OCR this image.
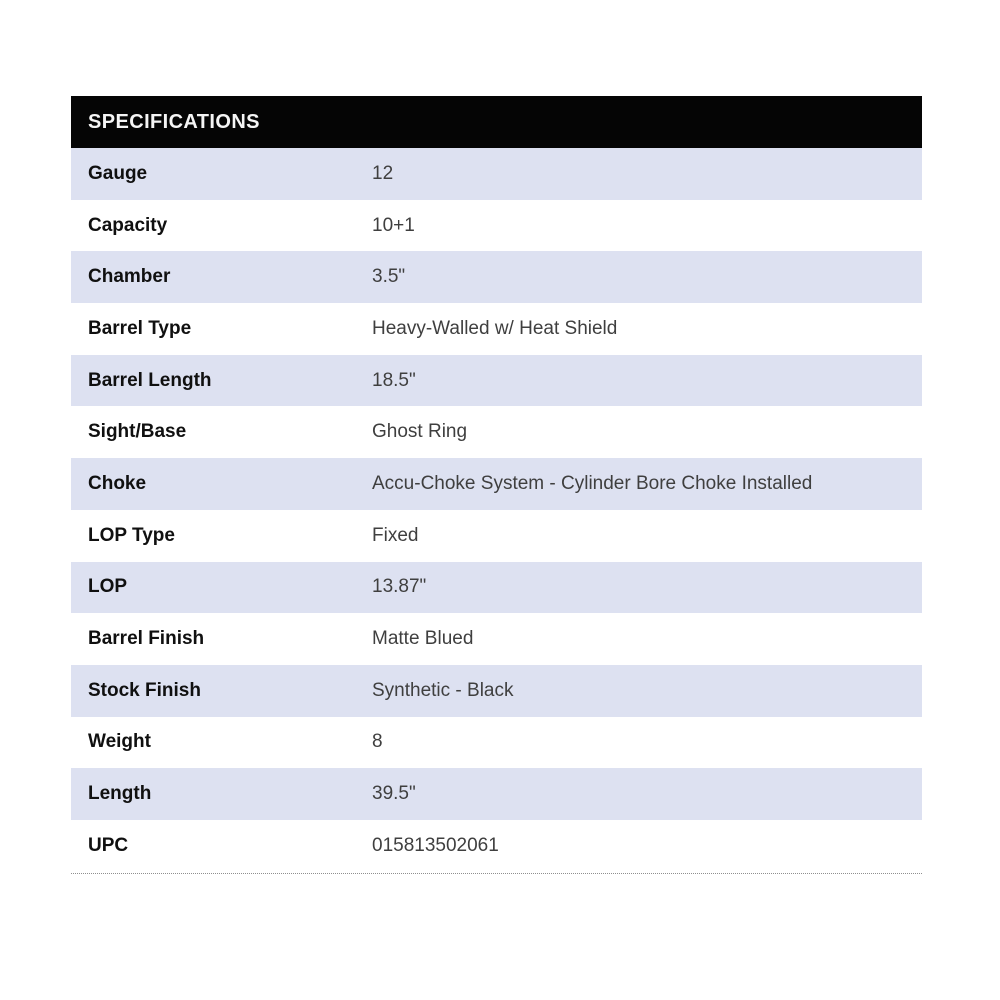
SPECIFICATIONS
Gauge	12
Capacity	10+1
Chamber	3.5"
Barrel Type	Heavy-Walled w/ Heat Shield
Barrel Length	18.5"
Sight/Base	Ghost Ring
Choke	Accu-Choke System - Cylinder Bore Choke Installed
LOP Type	Fixed
LOP	13.87"
Barrel Finish	Matte Blued
Stock Finish	Synthetic - Black
Weight	8
Length	39.5"
UPC	015813502061
